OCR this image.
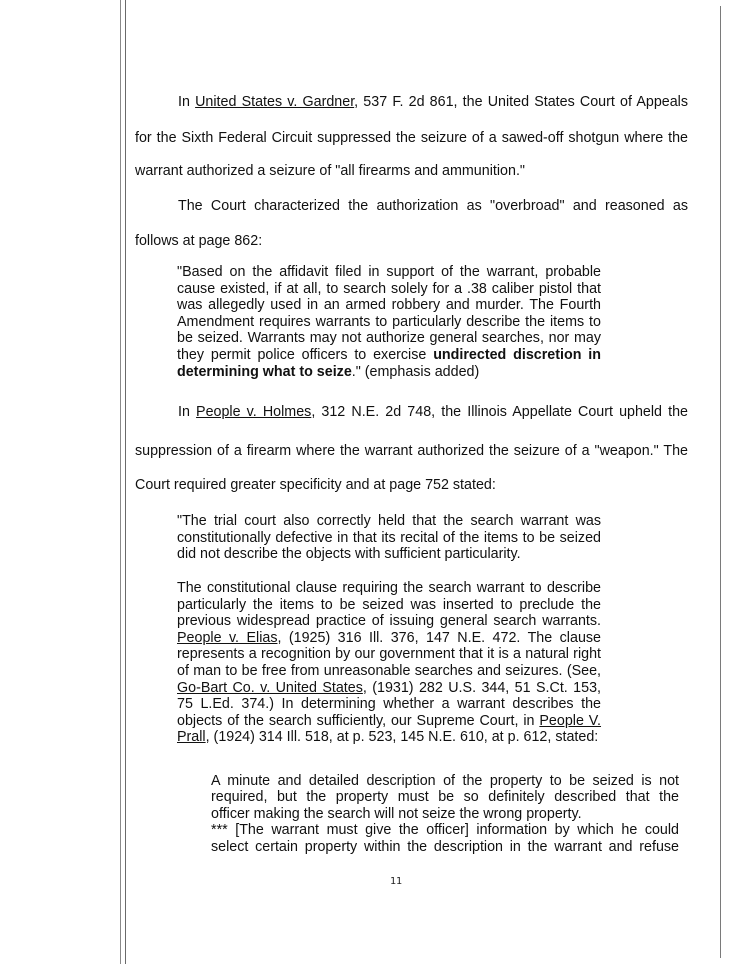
In United States v. Gardner, 537 F. 2d 861, the United States Court of Appeals
for the Sixth Federal Circuit suppressed the seizure of a sawed-off shotgun where the
warrant authorized a seizure of "all firearms and ammunition."
The Court characterized the authorization as "overbroad" and reasoned as
follows at page 862:
In People v. Holmes, 312 N.E. 2d 748, the Illinois Appellate Court upheld the
suppression of a firearm where the warrant authorized the seizure of a "weapon." The
Court required greater specificity and at page 752 stated:
"Based on the affidavit filed in support of the warrant, probable
cause existed, if at all, to search solely for a .38 caliber pistol that
was allegedly used in an armed robbery and murder. The Fourth
Amendment requires warrants to particularly describe the items to
be seized. Warrants may not authorize general searches, nor may
they permit police officers to exercise undirected discretion in
determining what to seize." (emphasis added)
"The trial court also correctly held that the search warrant was
constitutionally defective in that its recital of the items to be seized
did not describe the objects with sufficient particularity.
The constitutional clause requiring the search warrant to describe
particularly the items to be seized was inserted to preclude the
previous widespread practice of issuing general search warrants.
People v. Elias, (1925) 316 Ill. 376, 147 N.E. 472. The clause
represents a recognition by our government that it is a natural right
of man to be free from unreasonable searches and seizures. (See,
Go-Bart Co. v. United States, (1931) 282 U.S. 344, 51 S.Ct. 153,
75 L.Ed. 374.) In determining whether a warrant describes the
objects of the search sufficiently, our Supreme Court, in People V.
Prall, (1924) 314 Ill. 518, at p. 523, 145 N.E. 610, at p. 612, stated:
A minute and detailed description of the property to be seized is not
required, but the property must be so definitely described that the
officer making the search will not seize the wrong property.
*** [The warrant must give the officer] information by which he could
select certain property within the description in the warrant and refuse
11
